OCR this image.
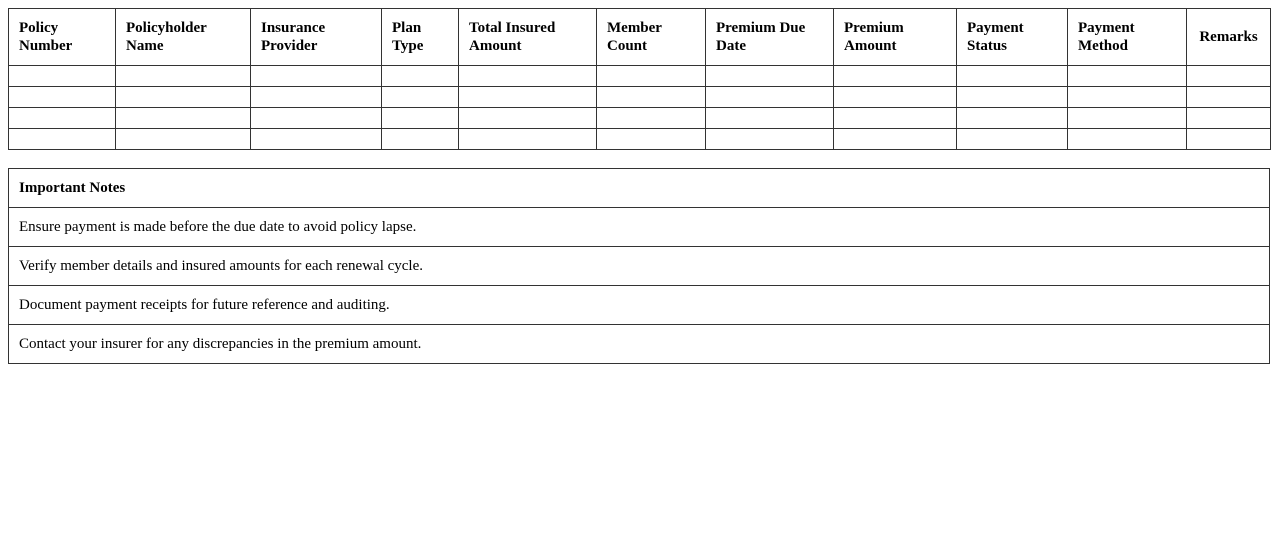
Policy Number	Policyholder Name	Insurance Provider	Plan Type	Total Insured Amount	Member Count	Premium Due Date	Premium Amount	Payment Status	Payment Method	Remarks

Important Notes
Ensure payment is made before the due date to avoid policy lapse.
Verify member details and insured amounts for each renewal cycle.
Document payment receipts for future reference and auditing.
Contact your insurer for any discrepancies in the premium amount.
